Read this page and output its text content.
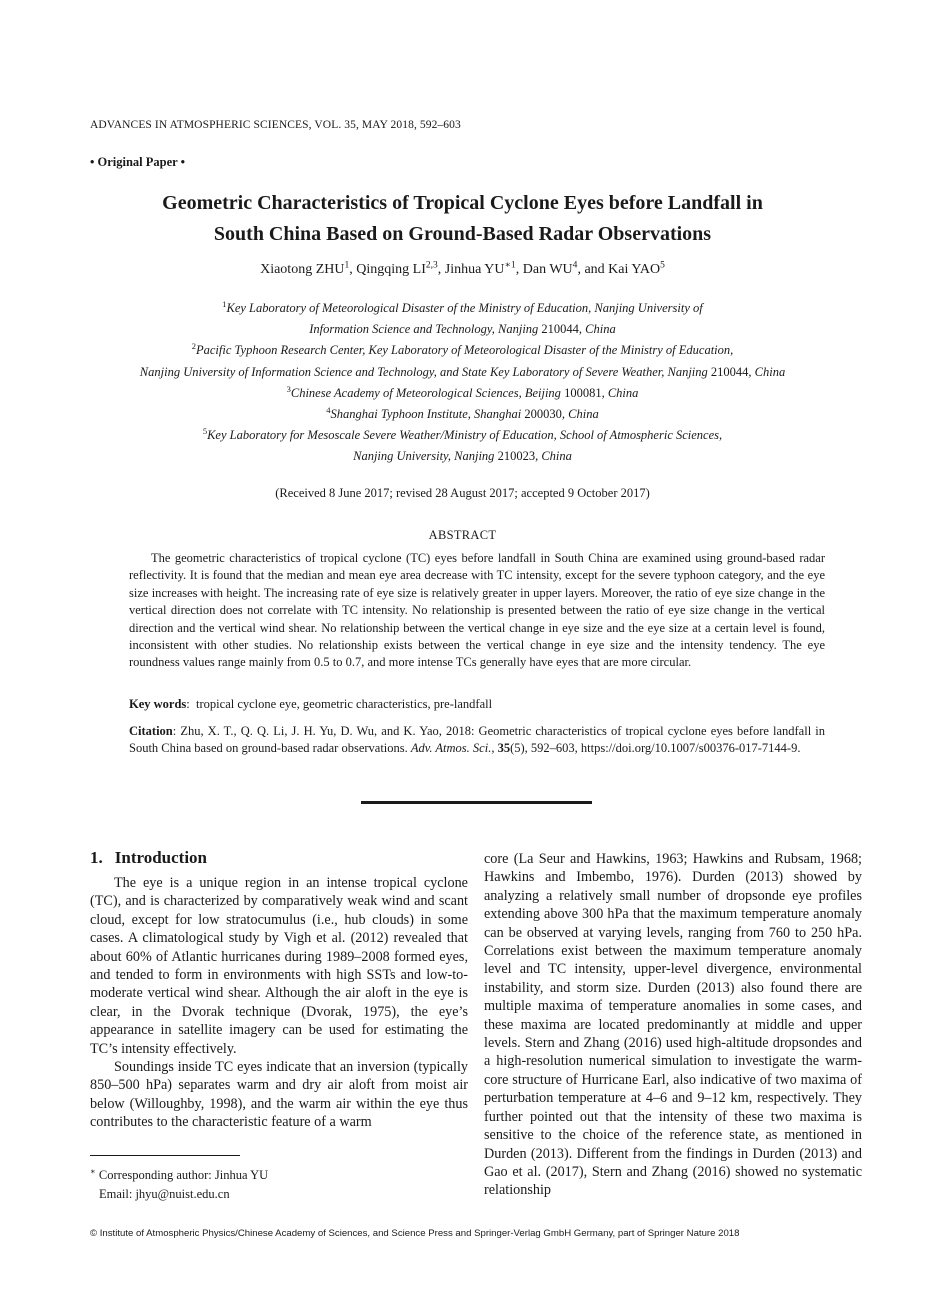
ADVANCES IN ATMOSPHERIC SCIENCES, VOL. 35, MAY 2018, 592–603
• Original Paper •
Geometric Characteristics of Tropical Cyclone Eyes before Landfall in
South China Based on Ground-Based Radar Observations
Xiaotong ZHU$^1$, Qingqing LI$^{2,3}$, Jinhua $YU^{∗1}$, Dan $WU^4$, and Kai YAO$^5$
$^1$Key Laboratory of Meteorological Disaster of the Ministry of Education, Nanjing University of
Information Science and Technology, Nanjing 210044, China
$^2$Pacific Typhoon Research Center, Key Laboratory of Meteorological Disaster of the Ministry of Education,
Nanjing University of Information Science and Technology, and State Key Laboratory of Severe Weather, Nanjing 210044, China
$^3$Chinese Academy of Meteorological Sciences, Beijing 100081, China
$^4$Shanghai Typhoon Institute, Shanghai 200030, China
$^5$Key Laboratory for Mesoscale Severe Weather/Ministry of Education, School of Atmospheric Sciences,
Nanjing University, Nanjing 210023, China
(Received 8 June 2017; revised 28 August 2017; accepted 9 October 2017)
ABSTRACT
The geometric characteristics of tropical cyclone (TC) eyes before landfall in South China are examined using ground-based radar reflectivity. It is found that the median and mean eye area decrease with TC intensity, except for the severe typhoon category, and the eye size increases with height. The increasing rate of eye size is relatively greater in upper layers. Moreover, the ratio of eye size change in the vertical direction does not correlate with TC intensity. No relationship is presented between the ratio of eye size change in the vertical direction and the vertical wind shear. No relationship between the vertical change in eye size and the eye size at a certain level is found, inconsistent with other studies. No relationship exists between the vertical change in eye size and the intensity tendency. The eye roundness values range mainly from 0.5 to 0.7, and more intense TCs generally have eyes that are more circular.
Key words:  tropical cyclone eye, geometric characteristics, pre-landfall
Citation: Zhu, X. T., Q. Q. Li, J. H. Yu, D. Wu, and K. Yao, 2018: Geometric characteristics of tropical cyclone eyes before landfall in South China based on ground-based radar observations. Adv. Atmos. Sci., 35(5), 592–603, https://doi.org/10.1007/s00376-017-7144-9.
1. Introduction

The eye is a unique region in an intense tropical cyclone (TC), and is characterized by comparatively weak wind and scant cloud, except for low stratocumulus (i.e., hub clouds) in some cases. A climatological study by Vigh et al. (2012) revealed that about 60% of Atlantic hurricanes during 1989–2008 formed eyes, and tended to form in environments with high SSTs and low-to-moderate vertical wind shear. Although the air aloft in the eye is clear, in the Dvorak technique (Dvorak, 1975), the eye’s appearance in satellite imagery can be used for estimating the TC’s intensity effectively.

Soundings inside TC eyes indicate that an inversion (typically 850–500 hPa) separates warm and dry air aloft from moist air below (Willoughby, 1998), and the warm air within the eye thus contributes to the characteristic feature of a warm

core (La Seur and Hawkins, 1963; Hawkins and Rubsam, 1968; Hawkins and Imbembo, 1976). Durden (2013) showed by analyzing a relatively small number of dropsonde eye profiles extending above 300 hPa that the maximum temperature anomaly can be observed at varying levels, ranging from 760 to 250 hPa. Correlations exist between the maximum temperature anomaly level and TC intensity, upper-level divergence, environmental instability, and storm size. Durden (2013) also found there are multiple maxima of temperature anomalies in some cases, and these maxima are located predominantly at middle and upper levels. Stern and Zhang (2016) used high-altitude dropsondes and a high-resolution numerical simulation to investigate the warm-core structure of Hurricane Earl, also indicative of two maxima of perturbation temperature at 4–6 and 9–12 km, respectively. They further pointed out that the intensity of these two maxima is sensitive to the choice of the reference state, as mentioned in Durden (2013). Different from the findings in Durden (2013) and Gao et al. (2017), Stern and Zhang (2016) showed no systematic relationship

∗ Corresponding author: Jinhua YU
Email: jhyu@nuist.edu.cn
© Institute of Atmospheric Physics/Chinese Academy of Sciences, and Science Press and Springer-Verlag GmbH Germany, part of Springer Nature 2018
